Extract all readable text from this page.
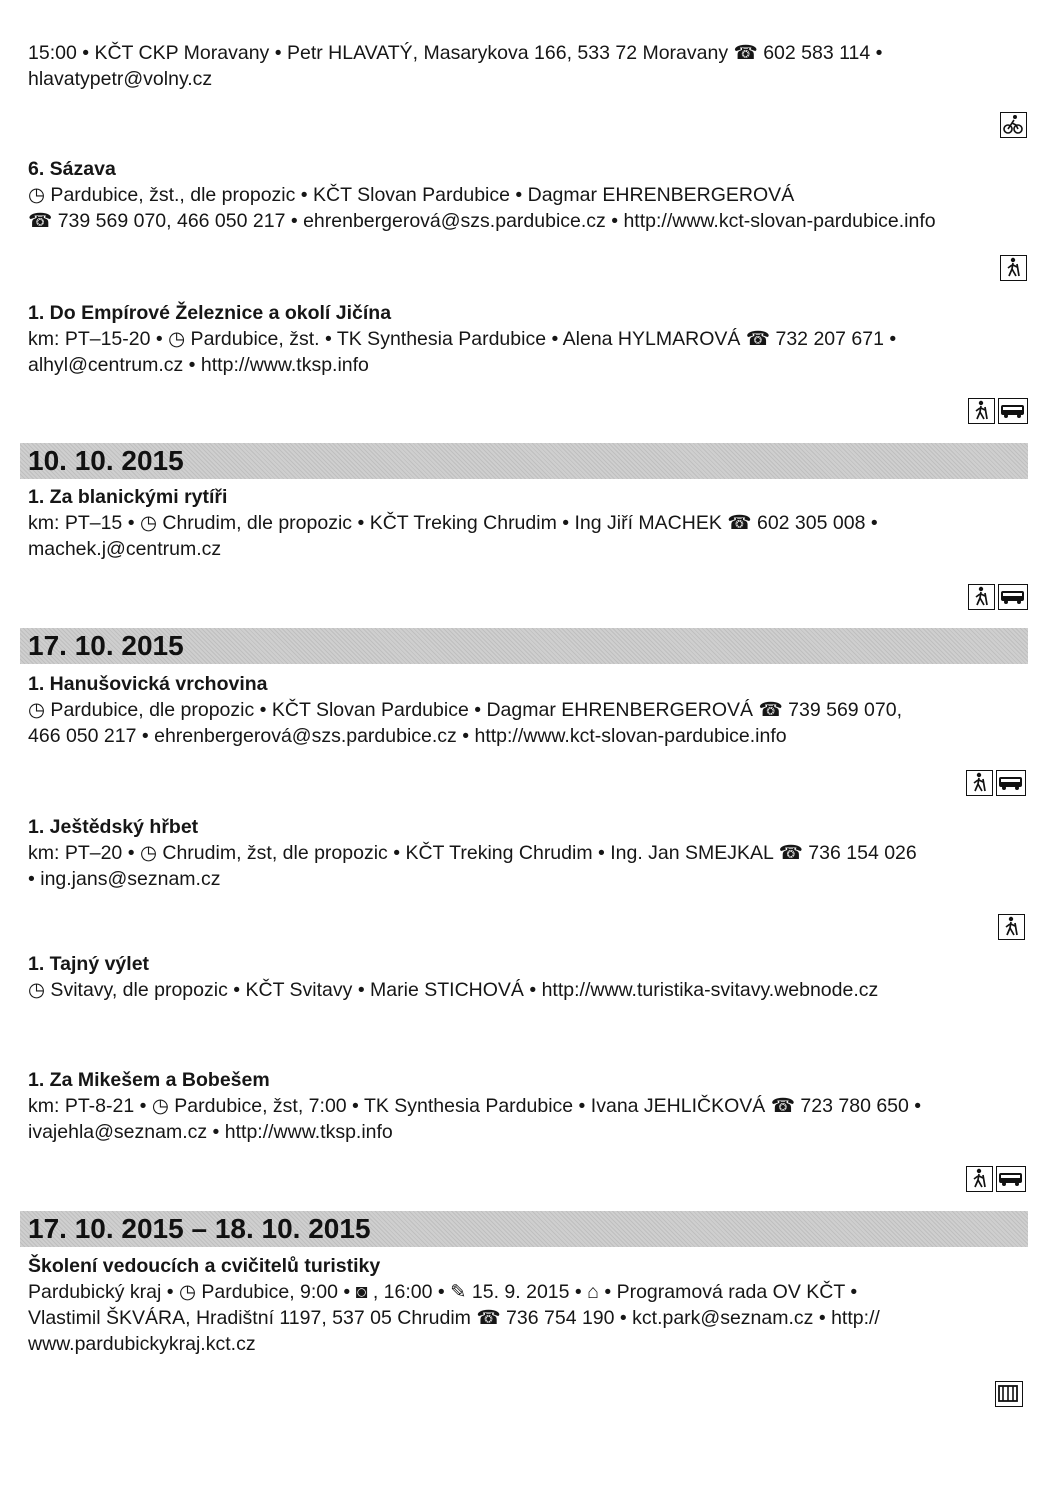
15:00 • KČT CKP Moravany • Petr HLAVATÝ, Masarykova 166, 533 72 Moravany ☎ 602 583 114 •
hlavatypetr@volny.cz
6. Sázava
◷ Pardubice, žst., dle propozic • KČT Slovan Pardubice • Dagmar EHRENBERGEROVÁ
☎ 739 569 070, 466 050 217 • ehrenbergerová@szs.pardubice.cz • http://www.kct-slovan-pardubice.info
1. Do Empírové Železnice a okolí Jičína
km: PT–15-20 • ◷ Pardubice, žst. • TK Synthesia Pardubice • Alena HYLMAROVÁ ☎ 732 207 671 •
alhyl@centrum.cz • http://www.tksp.info
10. 10. 2015
1. Za blanickými rytíři
km: PT–15 • ◷ Chrudim, dle propozic • KČT Treking Chrudim • Ing Jiří MACHEK ☎ 602 305 008 •
machek.j@centrum.cz
17. 10. 2015
1. Hanušovická vrchovina
◷ Pardubice, dle propozic • KČT Slovan Pardubice • Dagmar EHRENBERGEROVÁ ☎ 739 569 070,
466 050 217 • ehrenbergerová@szs.pardubice.cz • http://www.kct-slovan-pardubice.info
1. Ještědský hřbet
km: PT–20 • ◷ Chrudim, žst, dle propozic • KČT Treking Chrudim • Ing. Jan SMEJKAL ☎ 736 154 026
• ing.jans@seznam.cz
1. Tajný výlet
◷ Svitavy, dle propozic • KČT Svitavy • Marie STICHOVÁ • http://www.turistika-svitavy.webnode.cz
1. Za Mikešem a Bobešem
km: PT-8-21 • ◷ Pardubice, žst, 7:00 • TK Synthesia Pardubice • Ivana JEHLIČKOVÁ ☎ 723 780 650 •
ivajehla@seznam.cz • http://www.tksp.info
17. 10. 2015 – 18. 10. 2015
Školení vedoucích a cvičitelů turistiky
Pardubický kraj • ◷ Pardubice, 9:00 • ◙ , 16:00 • ✎ 15. 9. 2015 • ⌂ • Programová rada OV KČT •
Vlastimil ŠKVÁRA, Hradištní 1197, 537 05 Chrudim ☎ 736 754 190 • kct.park@seznam.cz • http://
www.pardubickykraj.kct.cz
